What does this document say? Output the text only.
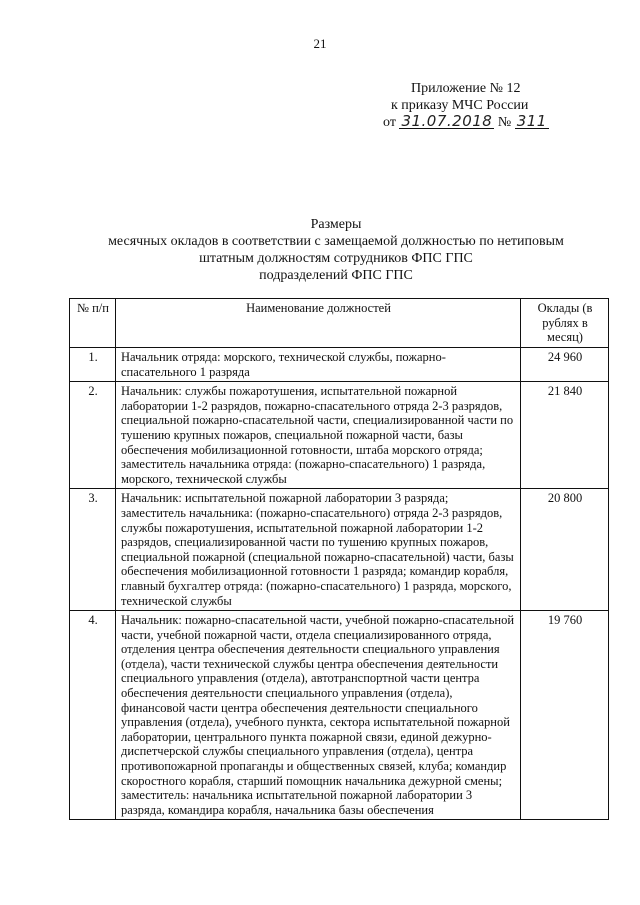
21
Приложение № 12
к приказу МЧС России
от 31.07.2018 № 311
Размеры
месячных окладов в соответствии с замещаемой должностью по нетиповым
штатным должностям сотрудников ФПС ГПС
подразделений ФПС ГПС
№ п/п	Наименование должностей	Оклады (в рублях в месяц)
1.	Начальник отряда: морского, технической службы, пожарно-спасательного 1 разряда	24 960
2.	Начальник: службы пожаротушения, испытательной пожарной лаборатории 1-2 разрядов, пожарно-спасательного отряда 2-3 разрядов, специальной пожарно-спасательной части, специализированной части по тушению крупных пожаров, специальной пожарной части, базы обеспечения мобилизационной готовности, штаба морского отряда; заместитель начальника отряда: (пожарно-спасательного) 1 разряда, морского, технической службы	21 840
3.	Начальник: испытательной пожарной лаборатории 3 разряда; заместитель начальника: (пожарно-спасательного) отряда 2-3 разрядов, службы пожаротушения, испытательной пожарной лаборатории 1-2 разрядов, специализированной части по тушению крупных пожаров, специальной пожарной (специальной пожарно-спасательной) части, базы обеспечения мобилизационной готовности 1 разряда; командир корабля, главный бухгалтер отряда: (пожарно-спасательного) 1 разряда, морского, технической службы	20 800
4.	Начальник: пожарно-спасательной части, учебной пожарно-спасательной части, учебной пожарной части, отдела специализированного отряда, отделения центра обеспечения деятельности специального управления (отдела), части технической службы центра обеспечения деятельности специального управления (отдела), автотранспортной части центра обеспечения деятельности специального управления (отдела), финансовой части центра обеспечения деятельности специального управления (отдела), учебного пункта, сектора испытательной пожарной лаборатории, центрального пункта пожарной связи, единой дежурно-диспетчерской службы специального управления (отдела), центра противопожарной пропаганды и общественных связей, клуба; командир скоростного корабля, старший помощник начальника дежурной смены; заместитель: начальника испытательной пожарной лаборатории 3 разряда, командира корабля, начальника базы обеспечения	19 760
